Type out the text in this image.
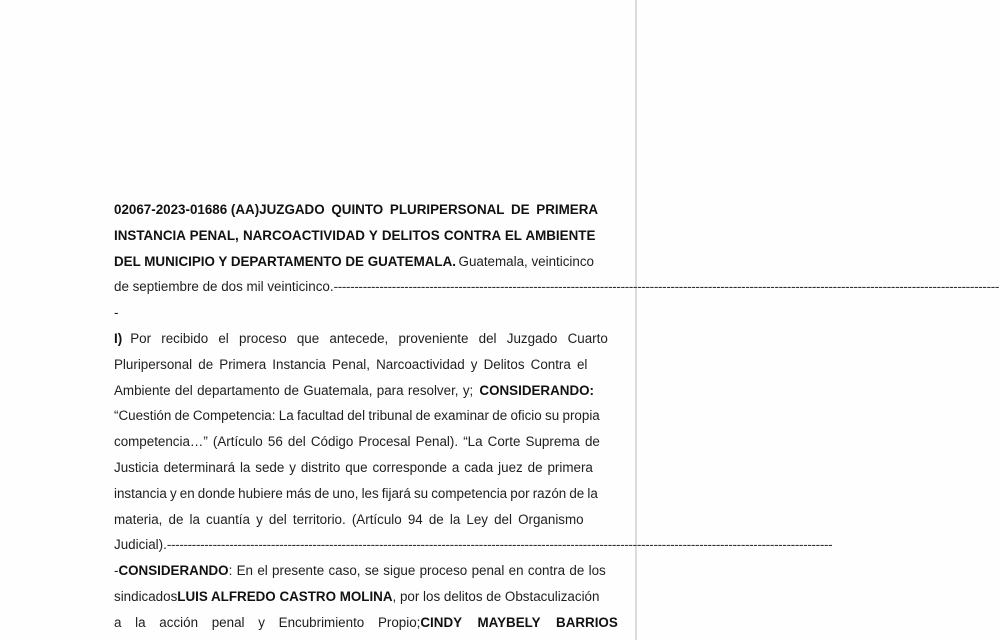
02067-2023-01686 (AA) JUZGADO QUINTO PLURIPERSONAL DE PRIMERA
INSTANCIA PENAL, NARCOACTIVIDAD Y DELITOS CONTRA EL AMBIENTE
DEL MUNICIPIO Y DEPARTAMENTO DE GUATEMALA. Guatemala, veinticinco
de septiembre de dos mil veinticinco. ----------------------------------------------------------------------------------------------------------------------------------------------------------------
-
I) Por recibido el proceso que antecede, proveniente del Juzgado Cuarto
Pluripersonal de Primera Instancia Penal, Narcoactividad y Delitos Contra el
Ambiente del departamento de Guatemala, para resolver, y; CONSIDERANDO:
“Cuestión de Competencia: La facultad del tribunal de examinar de oficio su propia
competencia…” (Artículo 56 del Código Procesal Penal). “La Corte Suprema de
Justicia determinará la sede y distrito que corresponde a cada juez de primera
instancia y en donde hubiere más de uno, les fijará su competencia por razón de la
materia, de la cuantía y del territorio. (Artículo 94 de la Ley del Organismo
Judicial). ----------------------------------------------------------------------------------------------------------------------------------------------------------------
-CONSIDERANDO: En el presente caso, se sigue proceso penal en contra de los
sindicados LUIS ALFREDO CASTRO MOLINA , por los delitos de Obstaculización
a la acción penal y Encubrimiento Propio; CINDY MAYBELY BARRIOS
